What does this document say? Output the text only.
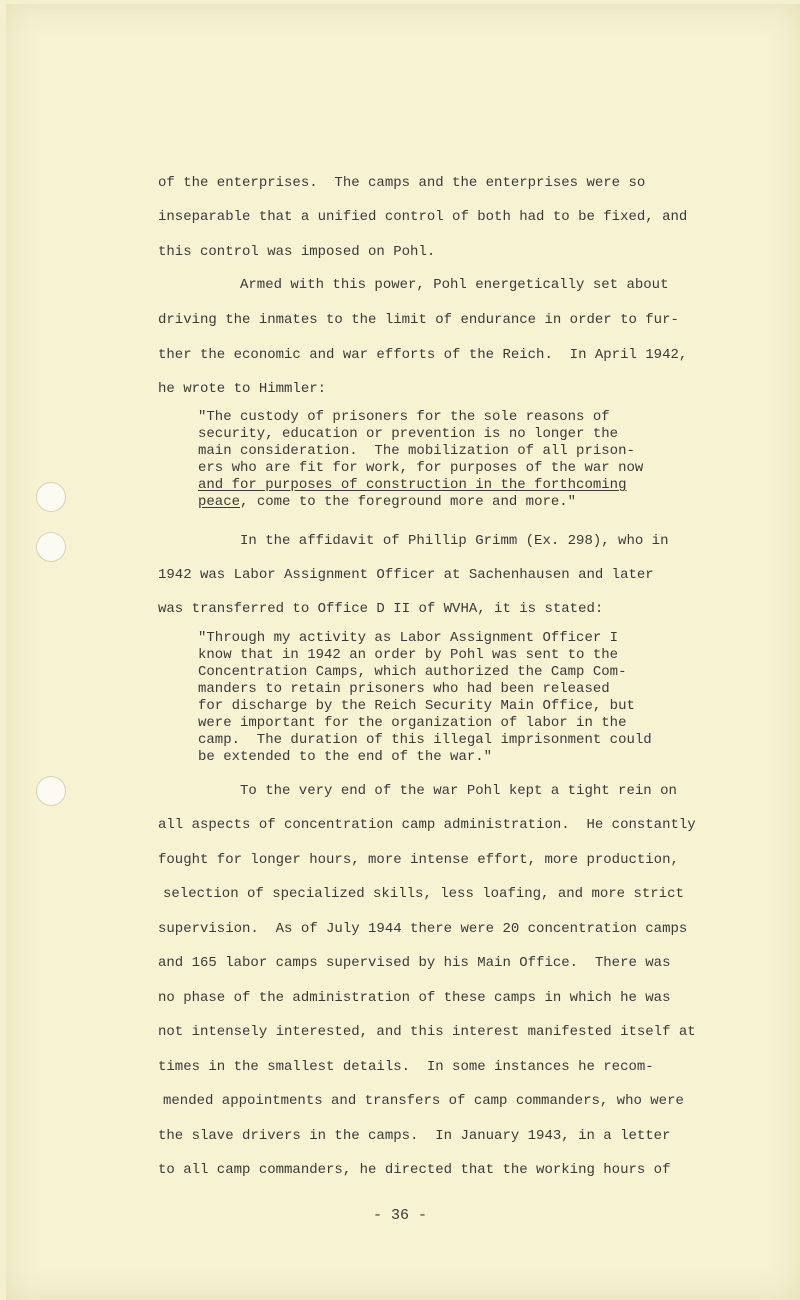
of the enterprises.  The camps and the enterprises were so
inseparable that a unified control of both had to be fixed, and
this control was imposed on Pohl.
Armed with this power, Pohl energetically set about
driving the inmates to the limit of endurance in order to fur-
ther the economic and war efforts of the Reich.  In April 1942,
he wrote to Himmler:
"The custody of prisoners for the sole reasons of
security, education or prevention is no longer the
main consideration.  The mobilization of all prison-
ers who are fit for work, for purposes of the war now
and for purposes of construction in the forthcoming
peace, come to the foreground more and more."
In the affidavit of Phillip Grimm (Ex. 298), who in
1942 was Labor Assignment Officer at Sachenhausen and later
was transferred to Office D II of WVHA, it is stated:
"Through my activity as Labor Assignment Officer I
know that in 1942 an order by Pohl was sent to the
Concentration Camps, which authorized the Camp Com-
manders to retain prisoners who had been released
for discharge by the Reich Security Main Office, but
were important for the organization of labor in the
camp.  The duration of this illegal imprisonment could
be extended to the end of the war."
To the very end of the war Pohl kept a tight rein on
all aspects of concentration camp administration.  He constantly
fought for longer hours, more intense effort, more production,
selection of specialized skills, less loafing, and more strict
supervision.  As of July 1944 there were 20 concentration camps
and 165 labor camps supervised by his Main Office.  There was
no phase of the administration of these camps in which he was
not intensely interested, and this interest manifested itself at
times in the smallest details.  In some instances he recom-
mended appointments and transfers of camp commanders, who were
the slave drivers in the camps.  In January 1943, in a letter
to all camp commanders, he directed that the working hours of
- 36 -
